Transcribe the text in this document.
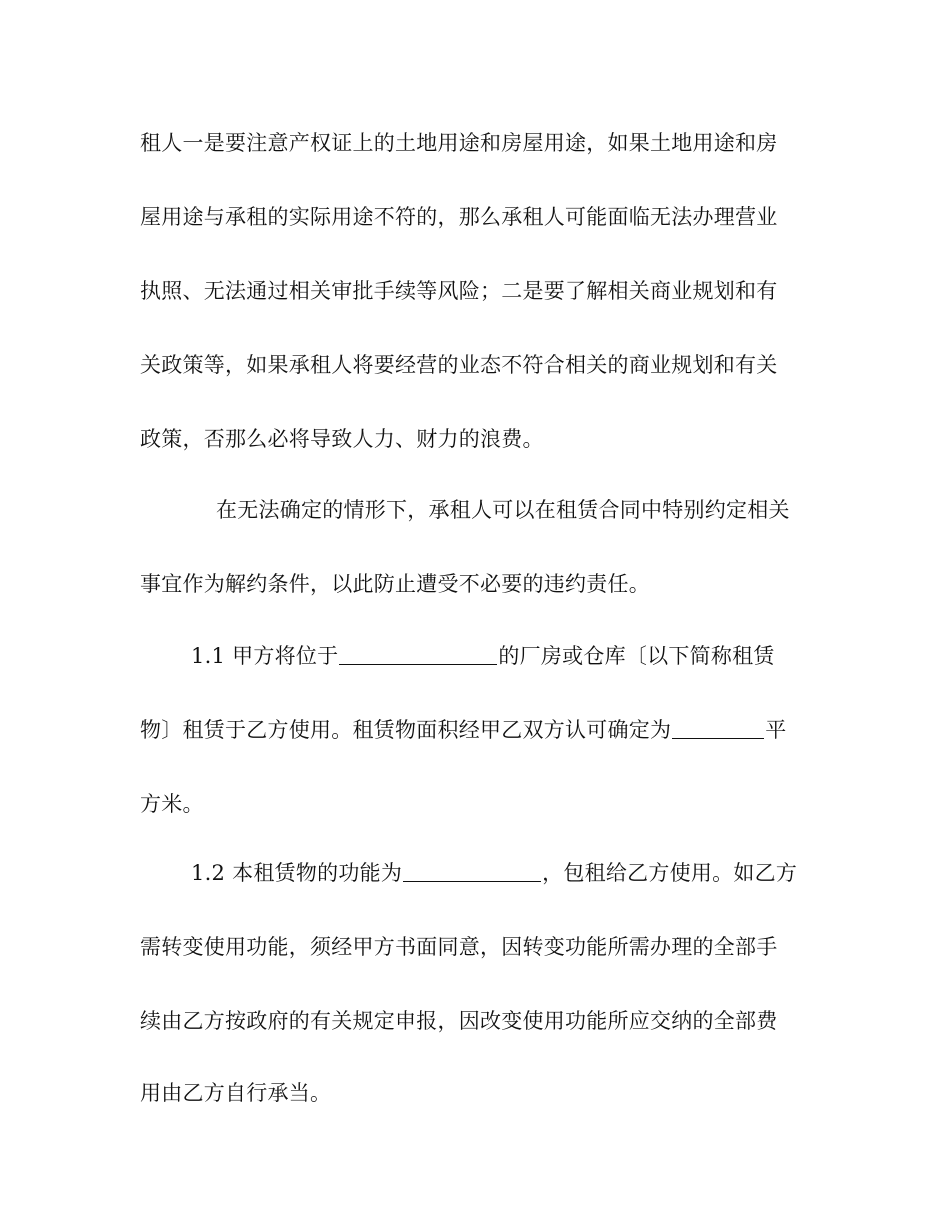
租人一是要注意产权证上的土地用途和房屋用途，如果土地用途和房
屋用途与承租的实际用途不符的，那么承租人可能面临无法办理营业
执照、无法通过相关审批手续等风险；二是要了解相关商业规划和有
关政策等，如果承租人将要经营的业态不符合相关的商业规划和有关
政策，否那么必将导致人力、财力的浪费。
在无法确定的情形下，承租人可以在租赁合同中特别约定相关
事宜作为解约条件，以此防止遭受不必要的违约责任。
1.1 甲方将位于	的厂房或仓库〔以下简称租赁
物〕租赁于乙方使用。租赁物面积经甲乙双方认可确定为	平
方米。
1.2 本租赁物的功能为	，包租给乙方使用。如乙方
需转变使用功能，须经甲方书面同意，因转变功能所需办理的全部手
续由乙方按政府的有关规定申报，因改变使用功能所应交纳的全部费
用由乙方自行承当。
